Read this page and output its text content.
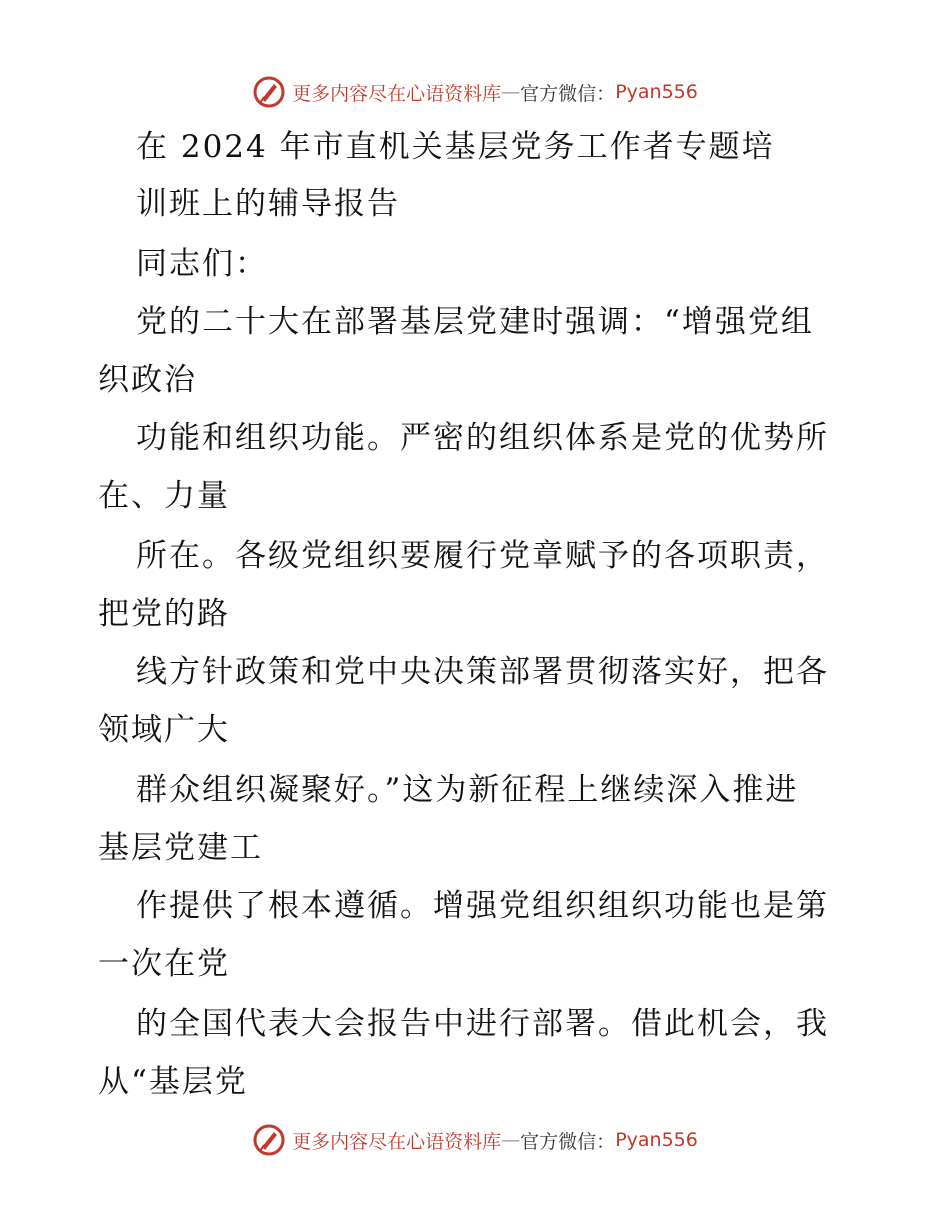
更多内容尽在心语资料库 — 官方微信： Pyan556
在 2024 年市直机关基层党务工作者专题培
训班上的辅导报告
同志们：
党的二十大在部署基层党建时强调：“增强党组
织政治
功能和组织功能。严密的组织体系是党的优势所
在、力量
所在。各级党组织要履行党章赋予的各项职责，
把党的路
线方针政策和党中央决策部署贯彻落实好，把各
领域广大
群众组织凝聚好。”这为新征程上继续深入推进
基层党建工
作提供了根本遵循。增强党组织组织功能也是第
一次在党
的全国代表大会报告中进行部署。借此机会，我
从“基层党
更多内容尽在心语资料库 — 官方微信： Pyan556
